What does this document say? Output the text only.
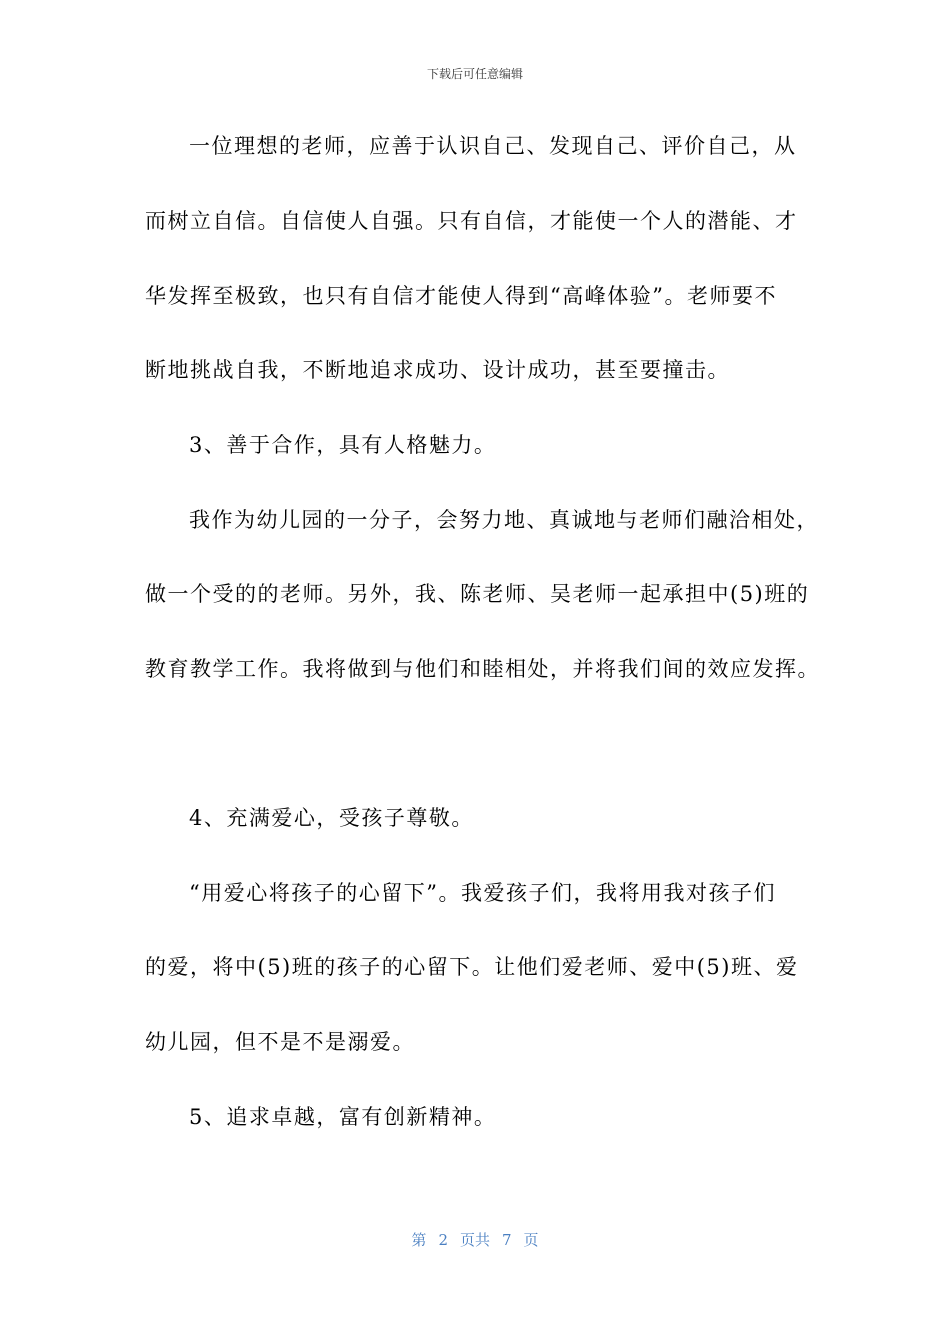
下载后可任意编辑
一位理想的老师，应善于认识自己、发现自己、评价自己，从
而树立自信。自信使人自强。只有自信，才能使一个人的潜能、才
华发挥至极致，也只有自信才能使人得到“高峰体验”。老师要不
断地挑战自我，不断地追求成功、设计成功，甚至要撞击。
3、善于合作，具有人格魅力。
我作为幼儿园的一分子，会努力地、真诚地与老师们融洽相处，
做一个受的的老师。另外，我、陈老师、吴老师一起承担中(5)班的
教育教学工作。我将做到与他们和睦相处，并将我们间的效应发挥。
4、充满爱心，受孩子尊敬。
“用爱心将孩子的心留下”。我爱孩子们，我将用我对孩子们
的爱，将中(5)班的孩子的心留下。让他们爱老师、爱中(5)班、爱
幼儿园，但不是不是溺爱。
5、追求卓越，富有创新精神。
第 2 页共 7 页
